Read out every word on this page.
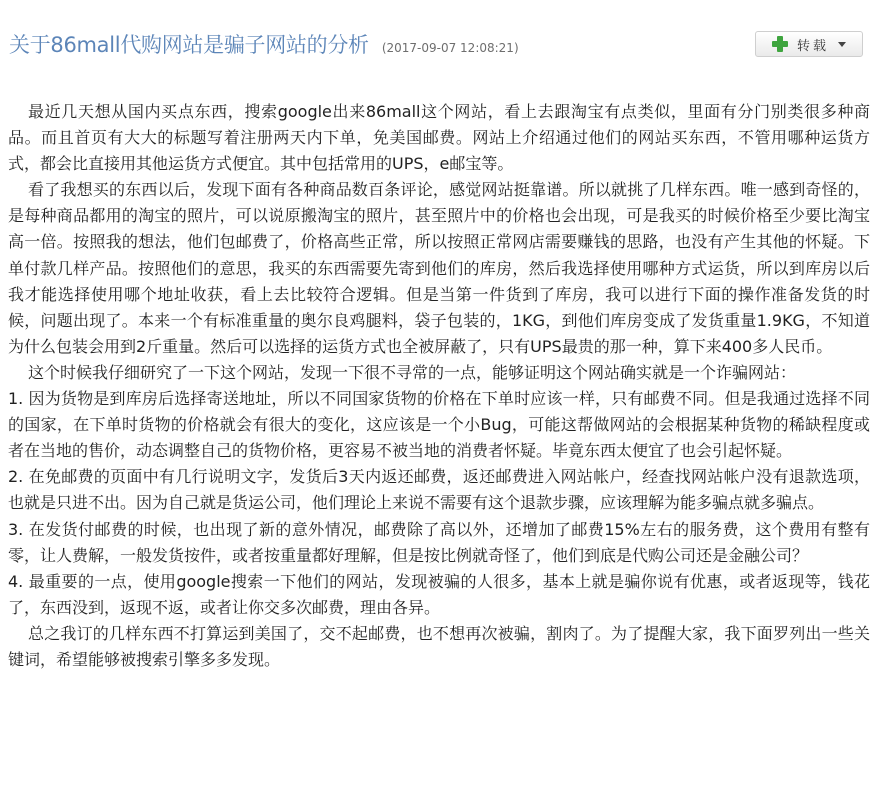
关于86mall代购网站是骗子网站的分析 (2017-09-07 12:08:21)	转载

最近几天想从国内买点东西，搜索google出来86mall这个网站，看上去跟淘宝有点类似，里面有分门别类很多种商品。而且首页有大大的标题写着注册两天内下单，免美国邮费。网站上介绍通过他们的网站买东西，不管用哪种运货方式，都会比直接用其他运货方式便宜。其中包括常用的UPS，e邮宝等。

看了我想买的东西以后，发现下面有各种商品数百条评论，感觉网站挺靠谱。所以就挑了几样东西。唯一感到奇怪的，是每种商品都用的淘宝的照片，可以说原搬淘宝的照片，甚至照片中的价格也会出现，可是我买的时候价格至少要比淘宝高一倍。按照我的想法，他们包邮费了，价格高些正常，所以按照正常网店需要赚钱的思路，也没有产生其他的怀疑。下单付款几样产品。按照他们的意思，我买的东西需要先寄到他们的库房，然后我选择使用哪种方式运货，所以到库房以后我才能选择使用哪个地址收获，看上去比较符合逻辑。但是当第一件货到了库房，我可以进行下面的操作准备发货的时候，问题出现了。本来一个有标准重量的奥尔良鸡腿料，袋子包装的，1KG，到他们库房变成了发货重量1.9KG，不知道为什么包装会用到2斤重量。然后可以选择的运货方式也全被屏蔽了，只有UPS最贵的那一种，算下来400多人民币。

这个时候我仔细研究了一下这个网站，发现一下很不寻常的一点，能够证明这个网站确实就是一个诈骗网站：

1. 因为货物是到库房后选择寄送地址，所以不同国家货物的价格在下单时应该一样，只有邮费不同。但是我通过选择不同的国家，在下单时货物的价格就会有很大的变化，这应该是一个小Bug，可能这帮做网站的会根据某种货物的稀缺程度或者在当地的售价，动态调整自己的货物价格，更容易不被当地的消费者怀疑。毕竟东西太便宜了也会引起怀疑。

2. 在免邮费的页面中有几行说明文字，发货后3天内返还邮费，返还邮费进入网站帐户，经查找网站帐户没有退款选项，也就是只进不出。因为自己就是货运公司，他们理论上来说不需要有这个退款步骤，应该理解为能多骗点就多骗点。

3. 在发货付邮费的时候，也出现了新的意外情况，邮费除了高以外，还增加了邮费15%左右的服务费，这个费用有整有零，让人费解，一般发货按件，或者按重量都好理解，但是按比例就奇怪了，他们到底是代购公司还是金融公司？

4. 最重要的一点，使用google搜索一下他们的网站，发现被骗的人很多，基本上就是骗你说有优惠，或者返现等，钱花了，东西没到，返现不返，或者让你交多次邮费，理由各异。

总之我订的几样东西不打算运到美国了，交不起邮费，也不想再次被骗，割肉了。为了提醒大家，我下面罗列出一些关键词，希望能够被搜索引擎多多发现。
